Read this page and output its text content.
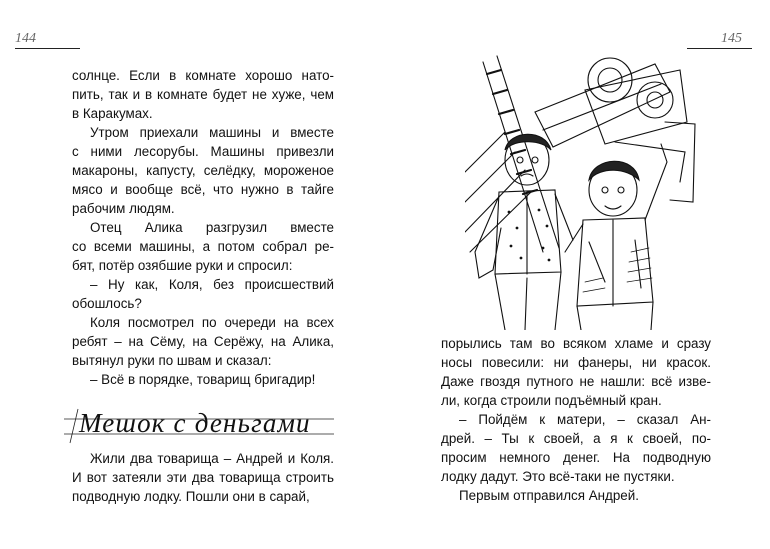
144
солнце. Если в комнате хорошо нато-
пить, так и в комнате будет не хуже, чем
в Каракумах.
Утром приехали машины и вместе
с ними лесорубы. Машины привезли
макароны, капусту, селёдку, мороженое
мясо и вообще всё, что нужно в тайге
рабочим людям.
Отец Алика разгрузил вместе
со всеми машины, а потом собрал ре-
бят, потёр озябшие руки и спросил:
– Ну как, Коля, без происшествий
обошлось?
Коля посмотрел по очереди на всех
ребят – на Сёму, на Серёжу, на Алика,
вытянул руки по швам и сказал:
– Всё в порядке, товарищ бригадир!
Мешок с деньгами
Жили два товарища – Андрей и Коля.
И вот затеяли эти два товарища строить
подводную лодку. Пошли они в сарай,
145
порылись там во всяком хламе и сразу
носы повесили: ни фанеры, ни красок.
Даже гвоздя путного не нашли: всё изве-
ли, когда строили подъёмный кран.
– Пойдём к матери, – сказал Ан-
дрей. – Ты к своей, а я к своей, по-
просим немного денег. На подводную
лодку дадут. Это всё-таки не пустяки.
Первым отправился Андрей.
